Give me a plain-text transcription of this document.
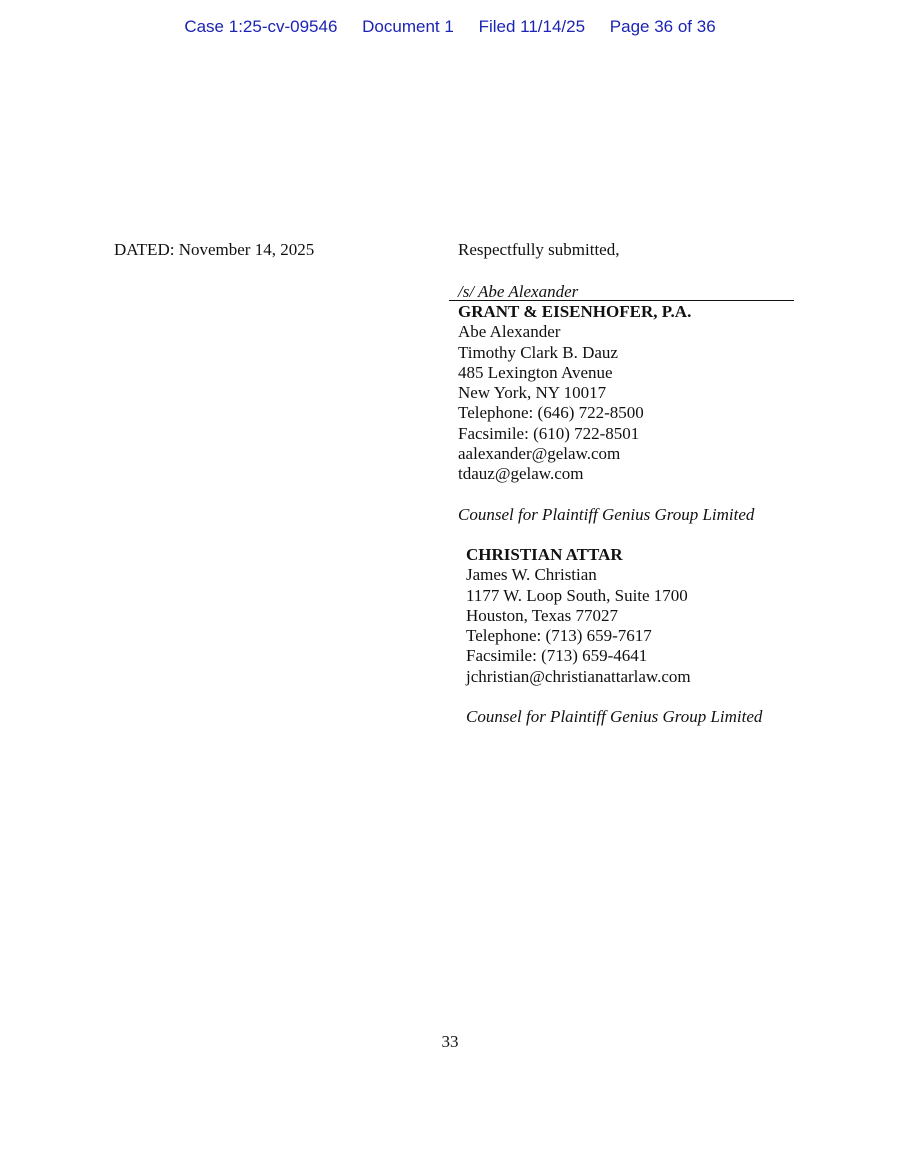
Case 1:25-cv-09546 Document 1 Filed 11/14/25 Page 36 of 36
DATED: November 14, 2025	Respectfully submitted,
/s/ Abe Alexander
GRANT & EISENHOFER, P.A.
Abe Alexander
Timothy Clark B. Dauz
485 Lexington Avenue
New York, NY 10017
Telephone: (646) 722-8500
Facsimile: (610) 722-8501
aalexander@gelaw.com
tdauz@gelaw.com
Counsel for Plaintiff Genius Group Limited
CHRISTIAN ATTAR
James W. Christian
1177 W. Loop South, Suite 1700
Houston, Texas 77027
Telephone: (713) 659-7617
Facsimile: (713) 659-4641
jchristian@christianattarlaw.com
Counsel for Plaintiff Genius Group Limited
33
